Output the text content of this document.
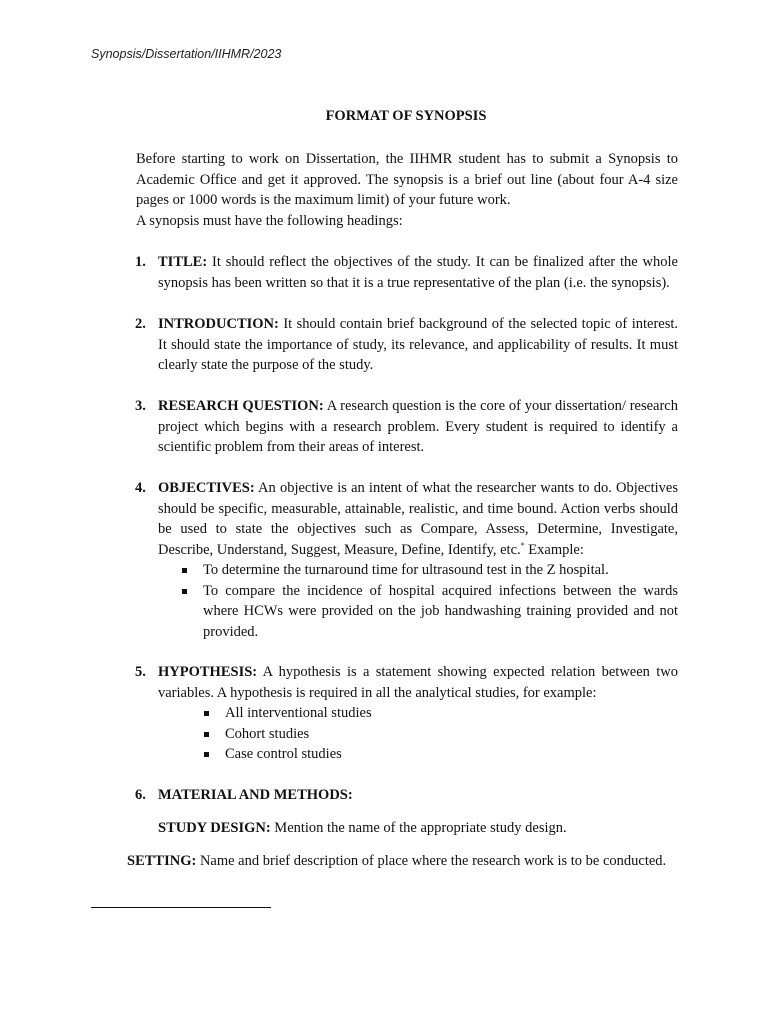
Synopsis/Dissertation/IIHMR/2023
FORMAT OF SYNOPSIS

Before starting to work on Dissertation, the IIHMR student has to submit a Synopsis to Academic Office and get it approved. The synopsis is a brief out line (about four A-4 size pages or 1000 words is the maximum limit) of your future work.

A synopsis must have the following headings:

1. TITLE: It should reflect the objectives of the study. It can be finalized after the whole synopsis has been written so that it is a true representative of the plan (i.e. the synopsis).
2. INTRODUCTION: It should contain brief background of the selected topic of interest. It should state the importance of study, its relevance, and applicability of results. It must clearly state the purpose of the study.
3. RESEARCH QUESTION: A research question is the core of your dissertation/ research project which begins with a research problem. Every student is required to identify a scientific problem from their areas of interest.
4. OBJECTIVES: An objective is an intent of what the researcher wants to do. Objectives should be specific, measurable, attainable, realistic, and time bound. Action verbs should be used to state the objectives such as Compare, Assess, Determine, Investigate, Describe, Understand, Suggest, Measure, Define, Identify, etc.* Example:
To determine the turnaround time for ultrasound test in the Z hospital.
To compare the incidence of hospital acquired infections between the wards where HCWs were provided on the job handwashing training provided and not provided.
5. HYPOTHESIS: A hypothesis is a statement showing expected relation between two variables. A hypothesis is required in all the analytical studies, for example:
All interventional studies
Cohort studies
Case control studies
6. MATERIAL AND METHODS:
STUDY DESIGN: Mention the name of the appropriate study design.
SETTING: Name and brief description of place where the research work is to be conducted.
